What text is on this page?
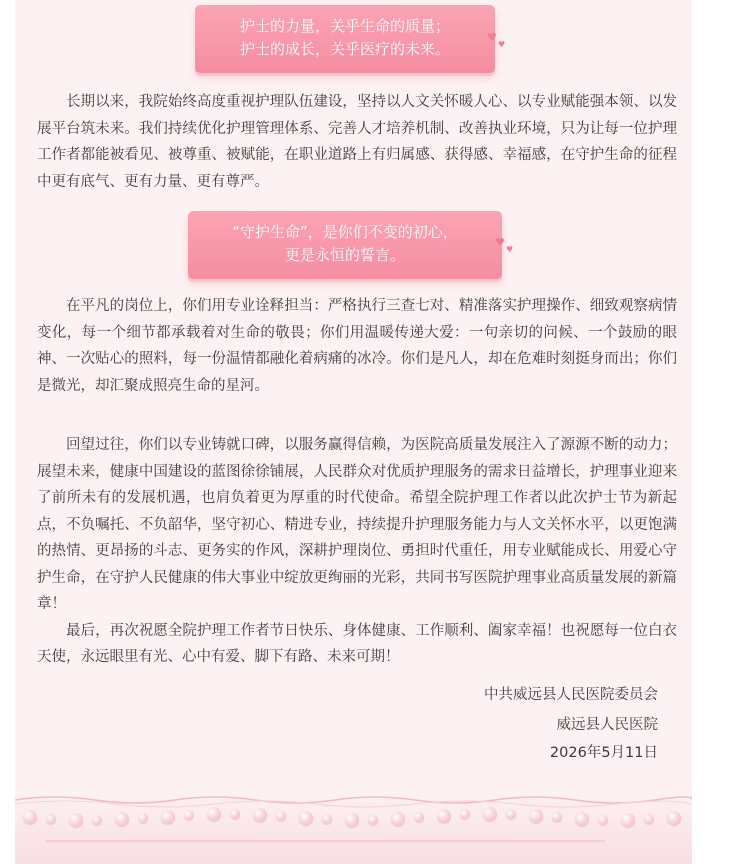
护士的力量，关乎生命的质量；
护士的成长，关乎医疗的未来。
♥
♥

长期以来，我院始终高度重视护理队伍建设，坚持以人文关怀暖人心、以专业赋能强本领、以发展平台筑未来。我们持续优化护理管理体系、完善人才培养机制、改善执业环境，只为让每一位护理工作者都能被看见、被尊重、被赋能，在职业道路上有归属感、获得感、幸福感，在守护生命的征程中更有底气、更有力量、更有尊严。

“守护生命”，是你们不变的初心，
更是永恒的誓言。
♥
♥

在平凡的岗位上，你们用专业诠释担当：严格执行三查七对、精准落实护理操作、细致观察病情变化，每一个细节都承载着对生命的敬畏；你们用温暖传递大爱：一句亲切的问候、一个鼓励的眼神、一次贴心的照料，每一份温情都融化着病痛的冰冷。你们是凡人，却在危难时刻挺身而出；你们是微光，却汇聚成照亮生命的星河。

回望过往，你们以专业铸就口碑，以服务赢得信赖，为医院高质量发展注入了源源不断的动力；展望未来，健康中国建设的蓝图徐徐铺展，人民群众对优质护理服务的需求日益增长，护理事业迎来了前所未有的发展机遇，也肩负着更为厚重的时代使命。希望全院护理工作者以此次护士节为新起点，不负嘱托、不负韶华，坚守初心、精进专业，持续提升护理服务能力与人文关怀水平，以更饱满的热情、更昂扬的斗志、更务实的作风，深耕护理岗位、勇担时代重任，用专业赋能成长、用爱心守护生命，在守护人民健康的伟大事业中绽放更绚丽的光彩，共同书写医院护理事业高质量发展的新篇章！

最后，再次祝愿全院护理工作者节日快乐、身体健康、工作顺利、阖家幸福！也祝愿每一位白衣天使，永远眼里有光、心中有爱、脚下有路、未来可期！

中共威远县人民医院委员会
威远县人民医院
2026年5月11日
